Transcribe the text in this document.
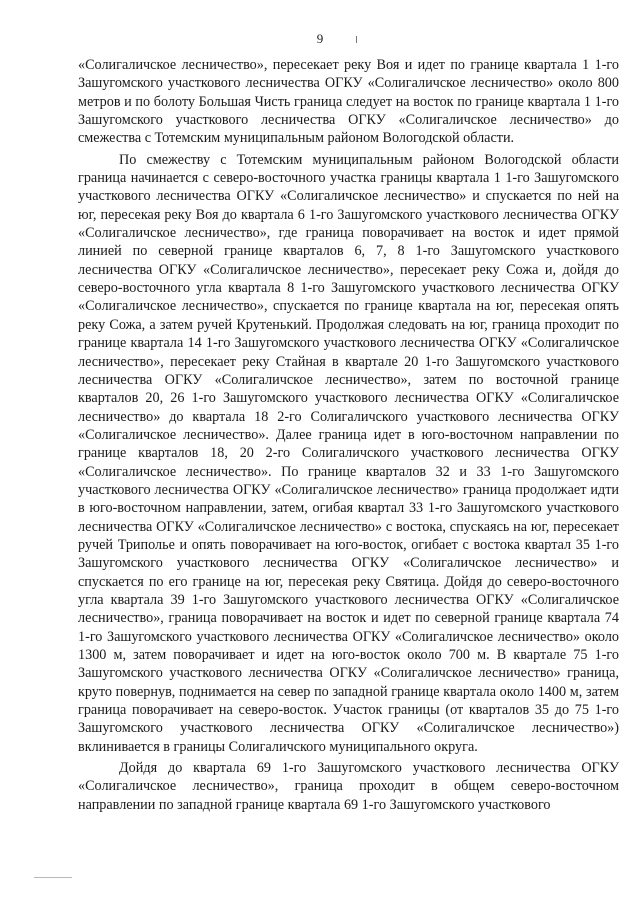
9

«Солигаличское лесничество», пересекает реку Воя и идет по границе квартала 1 1-го Зашугомского участкового лесничества ОГКУ «Солигаличское лесничество» около 800 метров и по болоту Большая Чисть граница следует на восток по границе квартала 1 1-го Зашугомского участкового лесничества ОГКУ «Солигаличское лесничество» до смежества с Тотемским муниципальным районом Вологодской области.

По смежеству с Тотемским муниципальным районом Вологодской области граница начинается с северо-восточного участка границы квартала 1 1-го Зашугомского участкового лесничества ОГКУ «Солигаличское лесничество» и спускается по ней на юг, пересекая реку Воя до квартала 6 1-го Зашугомского участкового лесничества ОГКУ «Солигаличское лесничество», где граница поворачивает на восток и идет прямой линией по северной границе кварталов 6, 7, 8 1-го Зашугомского участкового лесничества ОГКУ «Солигаличское лесничество», пересекает реку Сожа и, дойдя до северо-восточного угла квартала 8 1-го Зашугомского участкового лесничества ОГКУ «Солигаличское лесничество», спускается по границе квартала на юг, пересекая опять реку Сожа, а затем ручей Крутенький. Продолжая следовать на юг, граница проходит по границе квартала 14 1-го Зашугомского участкового лесничества ОГКУ «Солигаличское лесничество», пересекает реку Стайная в квартале 20 1-го Зашугомского участкового лесничества ОГКУ «Солигаличское лесничество», затем по восточной границе кварталов 20, 26 1-го Зашугомского участкового лесничества ОГКУ «Солигаличское лесничество» до квартала 18 2-го Солигаличского участкового лесничества ОГКУ «Солигаличское лесничество». Далее граница идет в юго-восточном направлении по границе кварталов 18, 20 2-го Солигаличского участкового лесничества ОГКУ «Солигаличское лесничество». По границе кварталов 32 и 33 1-го Зашугомского участкового лесничества ОГКУ «Солигаличское лесничество» граница продолжает идти в юго-восточном направлении, затем, огибая квартал 33 1-го Зашугомского участкового лесничества ОГКУ «Солигаличское лесничество» с востока, спускаясь на юг, пересекает ручей Триполье и опять поворачивает на юго-восток, огибает с востока квартал 35 1-го Зашугомского участкового лесничества ОГКУ «Солигаличское лесничество» и спускается по его границе на юг, пересекая реку Святица. Дойдя до северо-восточного угла квартала 39 1-го Зашугомского участкового лесничества ОГКУ «Солигаличское лесничество», граница поворачивает на восток и идет по северной границе квартала 74 1-го Зашугомского участкового лесничества ОГКУ «Солигаличское лесничество» около 1300 м, затем поворачивает и идет на юго-восток около 700 м. В квартале 75 1-го Зашугомского участкового лесничества ОГКУ «Солигаличское лесничество» граница, круто повернув, поднимается на север по западной границе квартала около 1400 м, затем граница поворачивает на северо-восток. Участок границы (от кварталов 35 до 75 1-го Зашугомского участкового лесничества ОГКУ «Солигаличское лесничество») вклинивается в границы Солигаличского муниципального округа.

Дойдя до квартала 69 1-го Зашугомского участкового лесничества ОГКУ «Солигаличское лесничество», граница проходит в общем северо-восточном направлении по западной границе квартала 69 1-го Зашугомского участкового
